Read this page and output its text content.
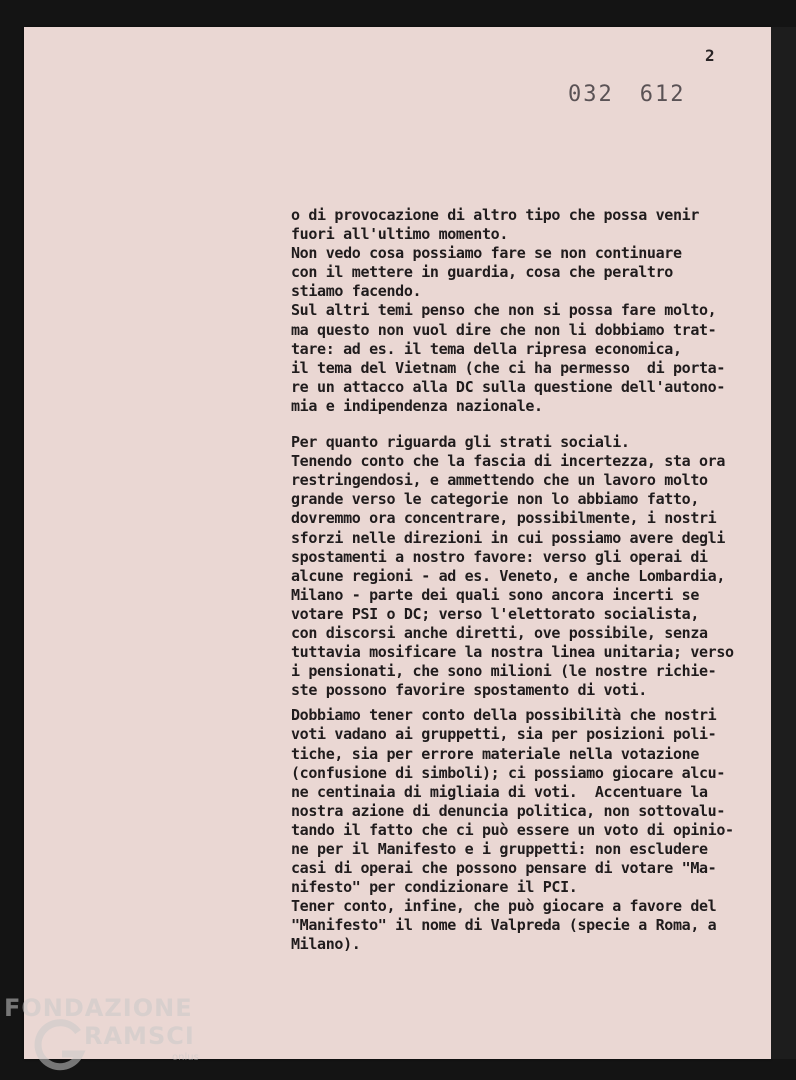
2
032 612
o di provocazione di altro tipo che possa venir
fuori all'ultimo momento.
Non vedo cosa possiamo fare se non continuare
con il mettere in guardia, cosa che peraltro
stiamo facendo.
Sul altri temi penso che non si possa fare molto,
ma questo non vuol dire che non li dobbiamo trat-
tare: ad es. il tema della ripresa economica,
il tema del Vietnam (che ci ha permesso  di porta-
re un attacco alla DC sulla questione dell'autono-
mia e indipendenza nazionale.
Per quanto riguarda gli strati sociali.
Tenendo conto che la fascia di incertezza, sta ora
restringendosi, e ammettendo che un lavoro molto
grande verso le categorie non lo abbiamo fatto,
dovremmo ora concentrare, possibilmente, i nostri
sforzi nelle direzioni in cui possiamo avere degli
spostamenti a nostro favore: verso gli operai di
alcune regioni - ad es. Veneto, e anche Lombardia,
Milano - parte dei quali sono ancora incerti se
votare PSI o DC; verso l'elettorato socialista,
con discorsi anche diretti, ove possibile, senza
tuttavia mosificare la nostra linea unitaria; verso
i pensionati, che sono milioni (le nostre richie-
ste possono favorire spostamento di voti.
Dobbiamo tener conto della possibilità che nostri
voti vadano ai gruppetti, sia per posizioni poli-
tiche, sia per errore materiale nella votazione
(confusione di simboli); ci possiamo giocare alcu-
ne centinaia di migliaia di voti.  Accentuare la
nostra azione di denuncia politica, non sottovalu-
tando il fatto che ci può essere un voto di opinio-
ne per il Manifesto e i gruppetti: non escludere
casi di operai che possono pensare di votare "Ma-
nifesto" per condizionare il PCI.
Tener conto, infine, che può giocare a favore del
"Manifesto" il nome di Valpreda (specie a Roma, a
Milano).
FONDAZIONE
RAMSCI
onlus
